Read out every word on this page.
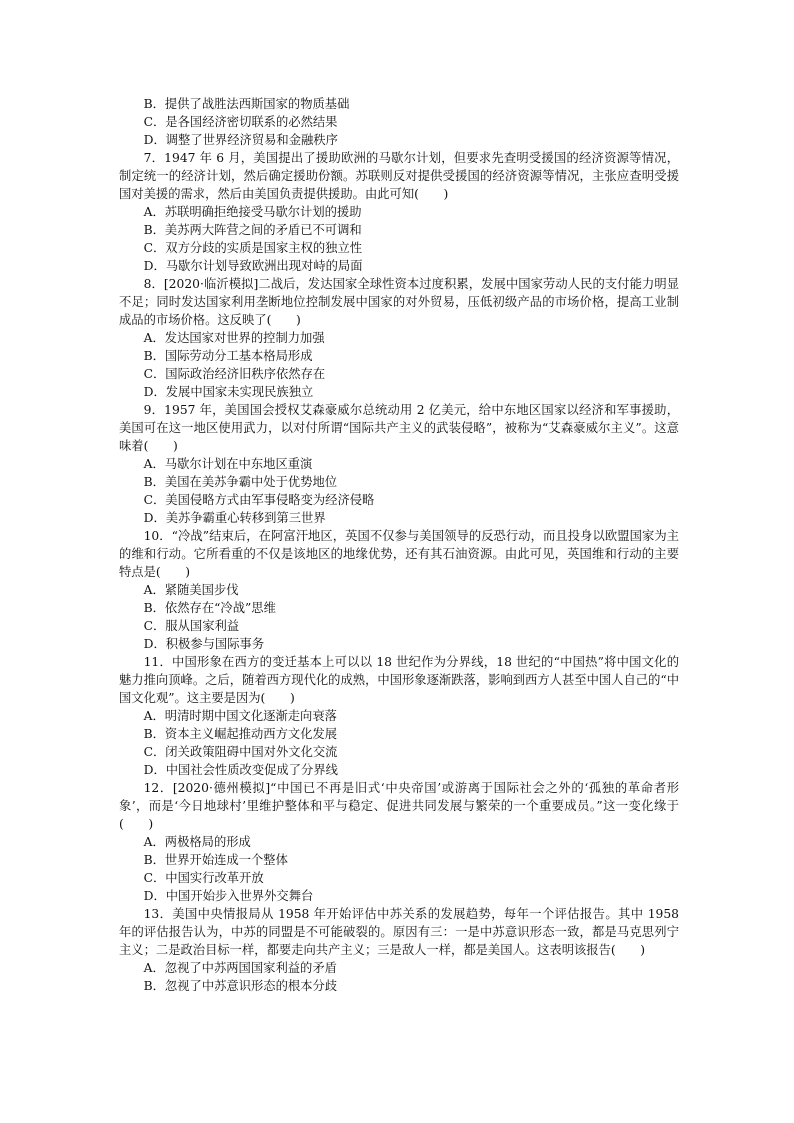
B．提供了战胜法西斯国家的物质基础

C．是各国经济密切联系的必然结果

D．调整了世界经济贸易和金融秩序

7．1947 年 6 月，美国提出了援助欧洲的马歇尔计划，但要求先查明受援国的经济资源等情况，制定统一的经济计划，然后确定援助份额。苏联则反对提供受援国的经济资源等情况，主张应查明受援国对美援的需求，然后由美国负责提供援助。由此可知(　　)

A．苏联明确拒绝接受马歇尔计划的援助

B．美苏两大阵营之间的矛盾已不可调和

C．双方分歧的实质是国家主权的独立性

D．马歇尔计划导致欧洲出现对峙的局面

8．[2020·临沂模拟]二战后，发达国家全球性资本过度积累，发展中国家劳动人民的支付能力明显不足；同时发达国家利用垄断地位控制发展中国家的对外贸易，压低初级产品的市场价格，提高工业制成品的市场价格。这反映了(　　)

A．发达国家对世界的控制力加强

B．国际劳动分工基本格局形成

C．国际政治经济旧秩序依然存在

D．发展中国家未实现民族独立

9．1957 年，美国国会授权艾森豪威尔总统动用 2 亿美元，给中东地区国家以经济和军事援助，美国可在这一地区使用武力，以对付所谓“国际共产主义的武装侵略”，被称为“艾森豪威尔主义”。这意味着(　　)

A．马歇尔计划在中东地区重演

B．美国在美苏争霸中处于优势地位

C．美国侵略方式由军事侵略变为经济侵略

D．美苏争霸重心转移到第三世界

10．“冷战”结束后，在阿富汗地区，英国不仅参与美国领导的反恐行动，而且投身以欧盟国家为主的维和行动。它所看重的不仅是该地区的地缘优势，还有其石油资源。由此可见，英国维和行动的主要特点是(　　)

A．紧随美国步伐

B．依然存在“冷战”思维

C．服从国家利益

D．积极参与国际事务

11．中国形象在西方的变迁基本上可以以 18 世纪作为分界线，18 世纪的“中国热”将中国文化的魅力推向顶峰。之后，随着西方现代化的成熟，中国形象逐渐跌落，影响到西方人甚至中国人自己的“中国文化观”。这主要是因为(　　)

A．明清时期中国文化逐渐走向衰落

B．资本主义崛起推动西方文化发展

C．闭关政策阻碍中国对外文化交流

D．中国社会性质改变促成了分界线

12．[2020·德州模拟]“中国已不再是旧式‘中央帝国’或游离于国际社会之外的‘孤独的革命者形象’，而是‘今日地球村’里维护整体和平与稳定、促进共同发展与繁荣的一个重要成员。”这一变化缘于(　　)

A．两极格局的形成

B．世界开始连成一个整体

C．中国实行改革开放

D．中国开始步入世界外交舞台

13．美国中央情报局从 1958 年开始评估中苏关系的发展趋势，每年一个评估报告。其中 1958 年的评估报告认为，中苏的同盟是不可能破裂的。原因有三：一是中苏意识形态一致，都是马克思列宁主义；二是政治目标一样，都要走向共产主义；三是敌人一样，都是美国人。这表明该报告(　　)

A．忽视了中苏两国国家利益的矛盾

B．忽视了中苏意识形态的根本分歧
